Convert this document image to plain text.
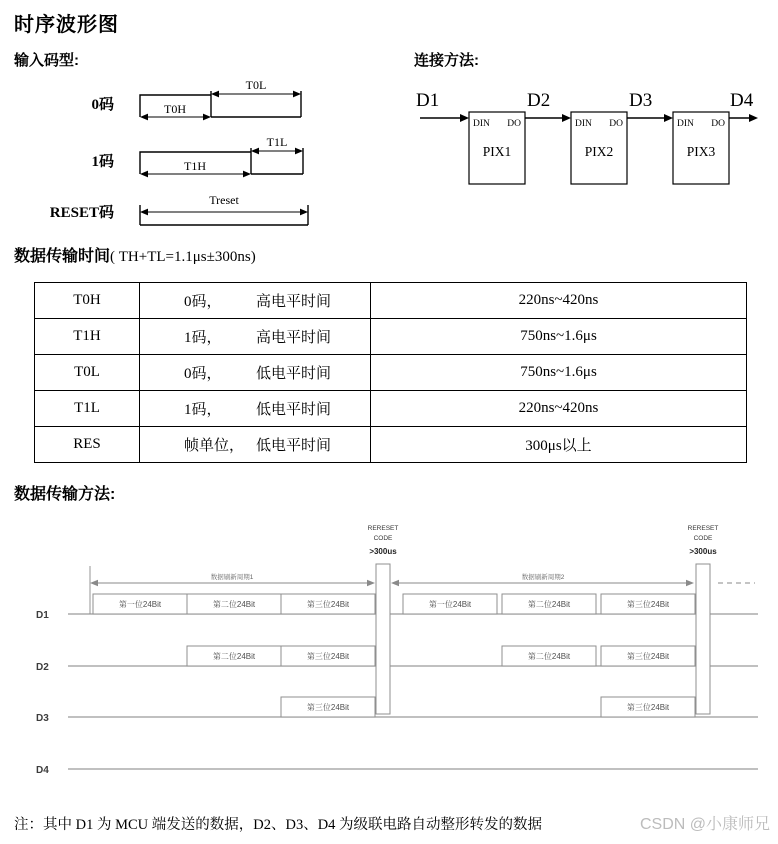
时序波形图
输入码型:
0码
T0L
T0H
1码
T1L
T1H
RESET码
Treset
连接方法:
D1	D2	D3	D4
DIN DO
PIX1
DIN DO
PIX2
DIN DO
PIX3
数据传输时间( TH+TL=1.1μs±300ns)
T0H	0码， 高电平时间	220ns~420ns
T1H	1码， 高电平时间	750ns~1.6μs
T0L	0码， 低电平时间	750ns~1.6μs
T1L	1码， 低电平时间	220ns~420ns
RES	帧单位， 低电平时间	300μs以上
数据传输方法:
D1
D2
D3
D4
第一位24Bit	第二位24Bit	第三位24Bit	第一位24Bit	第二位24Bit	第三位24Bit
第二位24Bit	第三位24Bit	第二位24Bit	第三位24Bit
第三位24Bit	第三位24Bit
RERESET
CODE
>300us
RERESET
CODE
>300us
数据刷新周期1	数据刷新周期2

注：其中 D1 为 MCU 端发送的数据，D2、D3、D4 为级联电路自动整形转发的数据	CSDN @小康师兄
